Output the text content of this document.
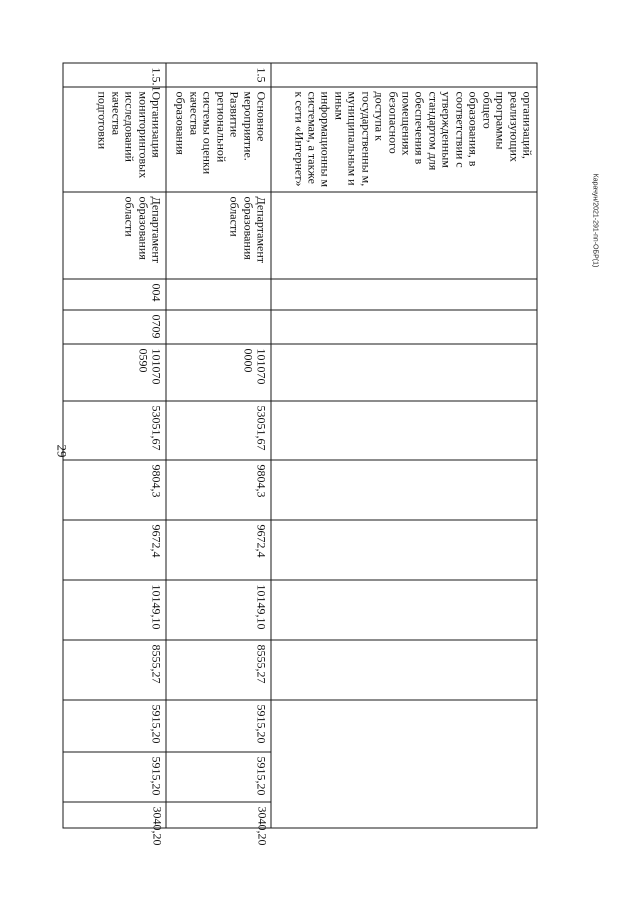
29
Карачун/2021-291-пп-ОБР(1)
	организаций, реализующих программы общего образования, в соответствии с утвержденным стандартом для обеспечения в помещениях безопасного доступа к государственны м, муниципальным и иным информационны м системам, а также к сети «Интернет»												
1.5	Основное мероприятие. Развитие региональной системы оценки качества образования	Департамент образования области			101070 0000	53051,67	9804,3	9672,4	10149,10	8555,27	5915,20	5915,20	3040,20
1.5.1	Организация мониторинговых исследований качества подготовки	Департамент образования области	004	0709	101070 0590	53051,67	9804,3	9672,4	10149,10	8555,27	5915,20	5915,20	3040,20
